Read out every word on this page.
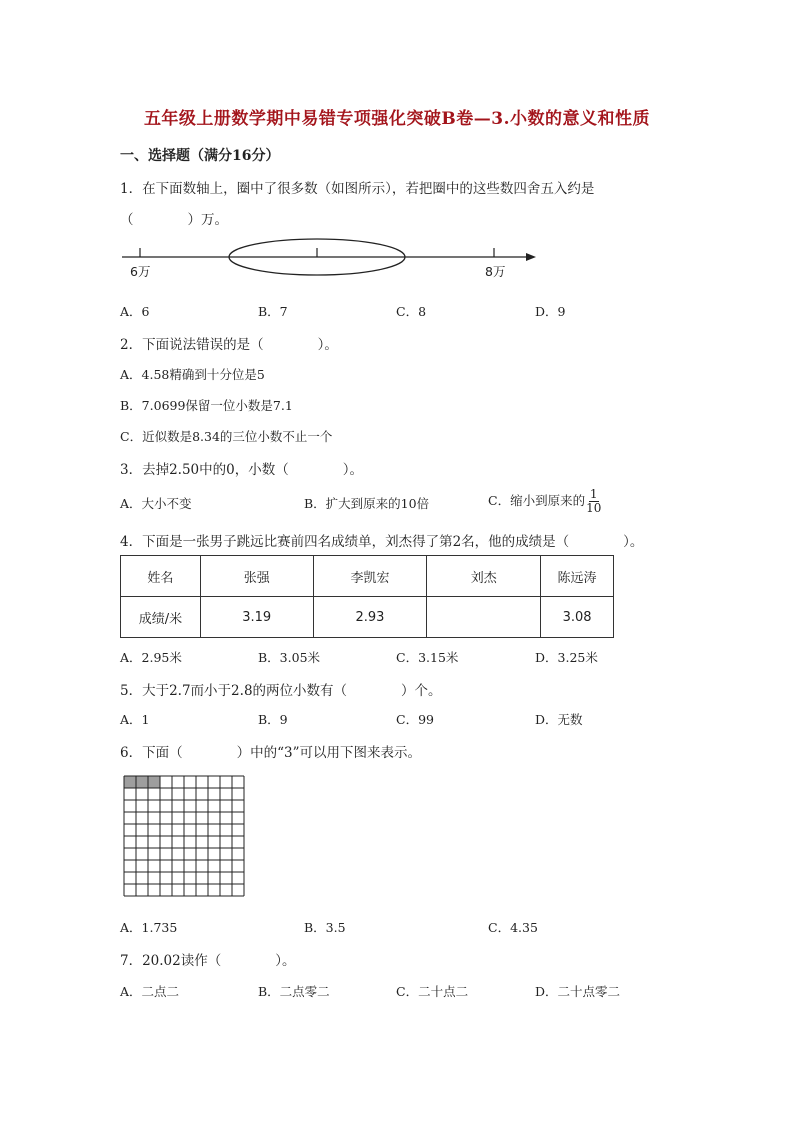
五年级上册数学期中易错专项强化突破B卷—3.小数的意义和性质
一、选择题（满分16分）
1．在下面数轴上，圈中了很多数（如图所示），若把圈中的这些数四舍五入约是
（　　　　）万。
6万	8万
A．6	B．7	C．8	D．9
2．下面说法错误的是（　　　　）。
A．4.58精确到十分位是5
B．7.0699保留一位小数是7.1
C．近似数是8.34的三位小数不止一个
3．去掉2.50中的0，小数（　　　　）。
A．大小不变	B．扩大到原来的10倍	C．缩小到原来的 $\frac{1}{10}$
4．下面是一张男子跳远比赛前四名成绩单，刘杰得了第2名，他的成绩是（　　　　）。
姓名	张强	李凯宏	刘杰	陈远涛
成绩/米	3.19	2.93		3.08
A．2.95米	B．3.05米	C．3.15米	D．3.25米
5．大于2.7而小于2.8的两位小数有（　　　　）个。
A．1	B．9	C．99	D．无数
6．下面（　　　　）中的“3”可以用下图来表示。
A．1.735	B．3.5	C．4.35
7．20.02读作（　　　　）。
A．二点二	B．二点零二	C．二十点二	D．二十点零二
